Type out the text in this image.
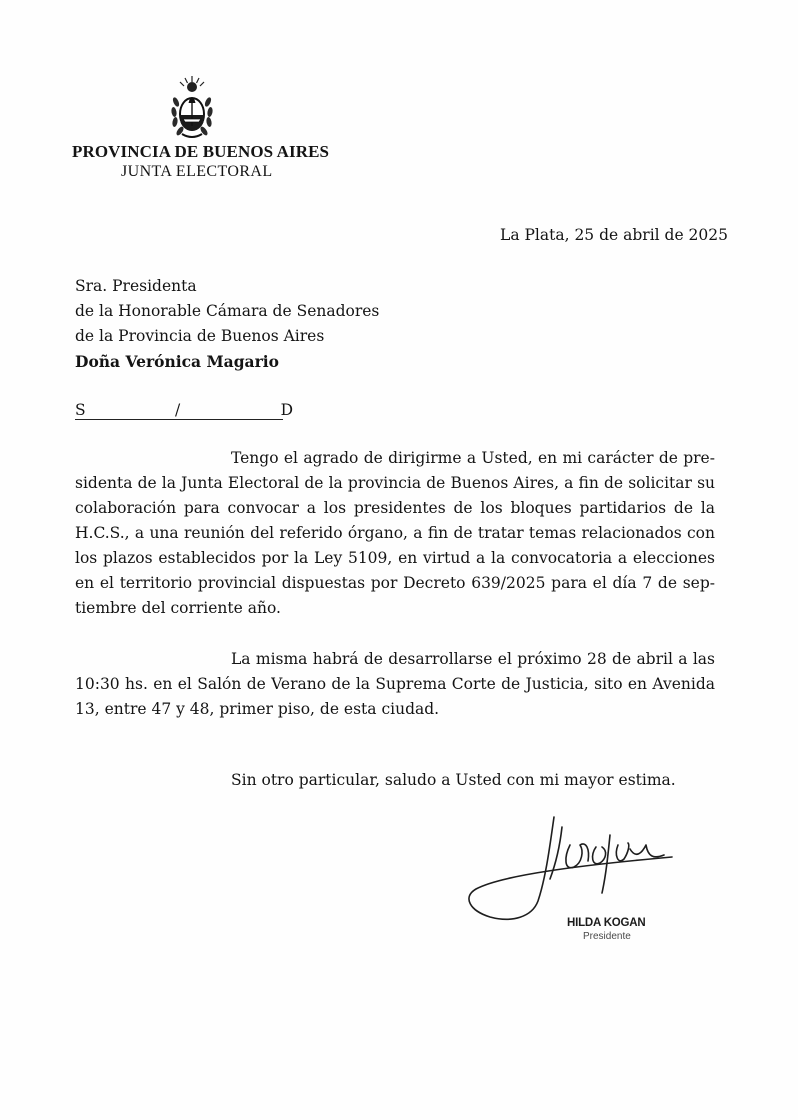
PROVINCIA DE BUENOS AIRES
JUNTA ELECTORAL
La Plata, 25 de abril de 2025
Sra. Presidenta
de la Honorable Cámara de Senadores
de la Provincia de Buenos Aires
Doña Verónica Magario
S	/	D

Tengo el agrado de dirigirme a Usted, en mi carácter de presidenta de la Junta Electoral de la provincia de Buenos Aires, a fin de solicitar su colaboración para convocar a los presidentes de los bloques partidarios de la H.C.S., a una reunión del referido órgano, a fin de tratar temas relacionados con los plazos establecidos por la Ley 5109, en virtud a la convocatoria a elecciones en el territorio provincial dispuestas por Decreto 639/2025 para el día 7 de septiembre del corriente año.

La misma habrá de desarrollarse el próximo 28 de abril a las 10:30 hs. en el Salón de Verano de la Suprema Corte de Justicia, sito en Avenida 13, entre 47 y 48, primer piso, de esta ciudad.

Sin otro particular, saludo a Usted con mi mayor estima.
HILDA KOGAN
Presidente
